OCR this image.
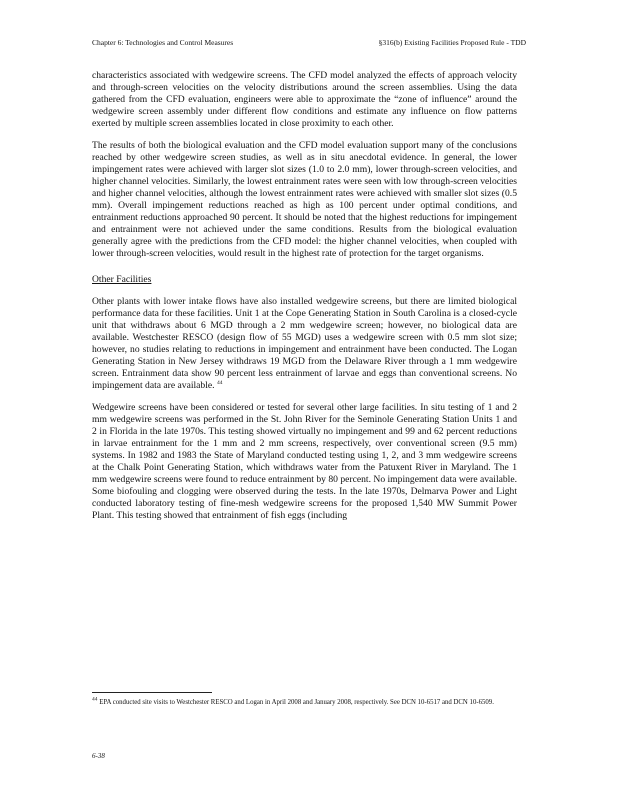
Chapter 6: Technologies and Control Measures	§316(b) Existing Facilities Proposed Rule - TDD

characteristics associated with wedgewire screens. The CFD model analyzed the effects of approach velocity and through-screen velocities on the velocity distributions around the screen assemblies. Using the data gathered from the CFD evaluation, engineers were able to approximate the “zone of influence” around the wedgewire screen assembly under different flow conditions and estimate any influence on flow patterns exerted by multiple screen assemblies located in close proximity to each other.

The results of both the biological evaluation and the CFD model evaluation support many of the conclusions reached by other wedgewire screen studies, as well as in situ anecdotal evidence. In general, the lower impingement rates were achieved with larger slot sizes (1.0 to 2.0 mm), lower through-screen velocities, and higher channel velocities. Similarly, the lowest entrainment rates were seen with low through-screen velocities and higher channel velocities, although the lowest entrainment rates were achieved with smaller slot sizes (0.5 mm). Overall impingement reductions reached as high as 100 percent under optimal conditions, and entrainment reductions approached 90 percent. It should be noted that the highest reductions for impingement and entrainment were not achieved under the same conditions. Results from the biological evaluation generally agree with the predictions from the CFD model: the higher channel velocities, when coupled with lower through-screen velocities, would result in the highest rate of protection for the target organisms.

Other Facilities

Other plants with lower intake flows have also installed wedgewire screens, but there are limited biological performance data for these facilities. Unit 1 at the Cope Generating Station in South Carolina is a closed-cycle unit that withdraws about 6 MGD through a 2 mm wedgewire screen; however, no biological data are available. Westchester RESCO (design flow of 55 MGD) uses a wedgewire screen with 0.5 mm slot size; however, no studies relating to reductions in impingement and entrainment have been conducted. The Logan Generating Station in New Jersey withdraws 19 MGD from the Delaware River through a 1 mm wedgewire screen. Entrainment data show 90 percent less entrainment of larvae and eggs than conventional screens. No impingement data are available. $^{44}$

Wedgewire screens have been considered or tested for several other large facilities. In situ testing of 1 and 2 mm wedgewire screens was performed in the St. John River for the Seminole Generating Station Units 1 and 2 in Florida in the late 1970s. This testing showed virtually no impingement and 99 and 62 percent reductions in larvae entrainment for the 1 mm and 2 mm screens, respectively, over conventional screen (9.5 mm) systems. In 1982 and 1983 the State of Maryland conducted testing using 1, 2, and 3 mm wedgewire screens at the Chalk Point Generating Station, which withdraws water from the Patuxent River in Maryland. The 1 mm wedgewire screens were found to reduce entrainment by 80 percent. No impingement data were available. Some biofouling and clogging were observed during the tests. In the late 1970s, Delmarva Power and Light conducted laboratory testing of fine-mesh wedgewire screens for the proposed 1,540 MW Summit Power Plant. This testing showed that entrainment of fish eggs (including

$^{44}$ EPA conducted site visits to Westchester RESCO and Logan in April 2008 and January 2008, respectively. See DCN 10-6517 and DCN 10-6509.
6-38
